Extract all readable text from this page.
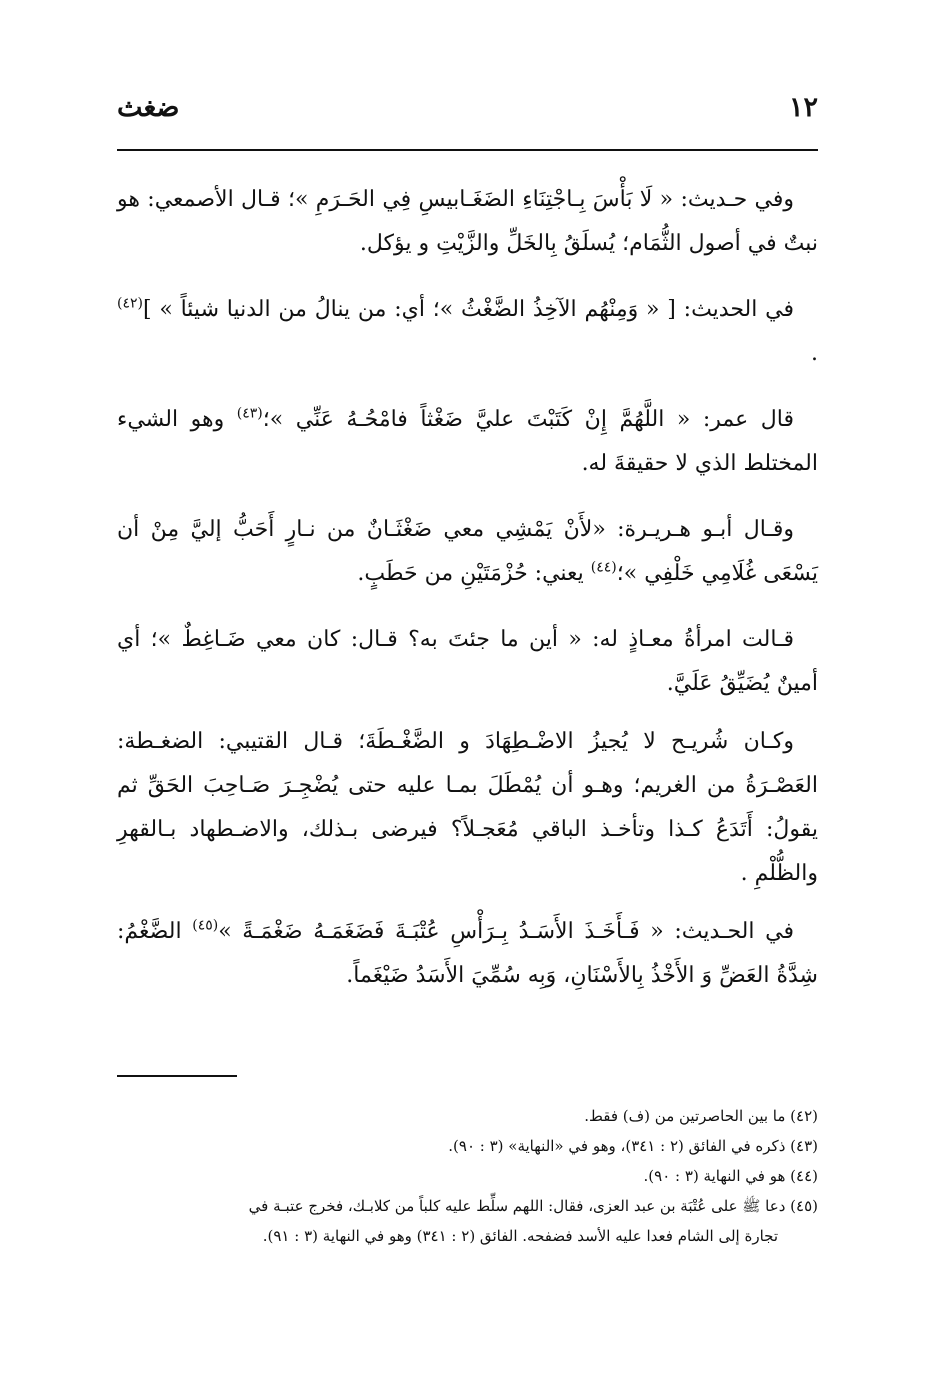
١٢
ضغث

وفي حـديث: « لَا بَأْسَ بِـاجْتِنَاءِ الضَغَـابيسِ فِي الحَـرَمِ »؛ قـال الأصمعي: هو نبتٌ في أصول الثُّمَام؛ يُسلَقُ بِالخَلِّ والزَّيْتِ و يؤكل.

في الحديث: [ « وَمِنْهُم الآخِذُ الضَّغْثُ »؛ أي: من ينالُ من الدنيا شيئاً » ]$^{(٤٢)}$ .

قال عمر: « اللَّهُمَّ إِنْ كَتَبْتَ عليَّ ضَغْثاً فامْحُـهُ عَنِّي »؛$^{(٤٣)}$ وهو الشيء المختلط الذي لا حقيقةَ له.

وقـال أبـو هـريـرة: «لأَنْ يَمْشِي معي ضَغْثَـانٌ من نـارٍ أَحَبُّ إليَّ مِنْ أن يَسْعَى غُلَامِي خَلْفِي »؛$^{(٤٤)}$ يعني: حُزْمَتَيْنِ من حَطَبٍ.

قـالت امرأةُ معـاذٍ له: « أين ما جئتَ به؟ قـال: كان معي ضَـاغِطٌ »؛ أي أمينٌ يُضَيِّقُ عَلَيَّ.

وكـان شُريـح لا يُجيزُ الاضْـطِهَادَ و الضَّغْـطَةَ؛ قـال القتيبي: الضغـطة: العَصْـرَةُ من الغريم؛ وهـو أن يُمْطَلَ بمـا عليه حتى يُضْجِـرَ صَـاحِبَ الحَقِّ ثم يقولُ: أَتَدَعُ كـذا وتأخـذ الباقي مُعَجـلاً؟ فيرضى بـذلك، والاضـطهاد بـالقهرِ والظُّلْمِ .

في الحـديث: « فَـأَخَـذَ الأَسَـدُ بِـرَأْسِ عُتْبَـةَ فَضَغَمَـهُ ضَغْمَـةً »$^{(٤٥)}$ الضَّغْمُ: شِدَّةُ العَضِّ وَ الأَخْذُ بِالأَسْنَانِ، وَبِه سُمِّيَ الأَسَدُ ضَيْغَماً.

(٤٢) ما بين الحاصرتين من (ف) فقط.

(٤٣) ذكره في الفائق (٢ : ٣٤١)، وهو في «النهاية» (٣ : ٩٠).

(٤٤) هو في النهاية (٣ : ٩٠).

(٤٥) دعا ﷺ على عُتْبَة بن عبد العزى، فقال: اللهم سلِّط عليه كلباً من كلابـك، فخرج عتبـة في
تجارة إلى الشام فعدا عليه الأسد فضفحه. الفائق (٢ : ٣٤١) وهو في النهاية (٣ : ٩١).
